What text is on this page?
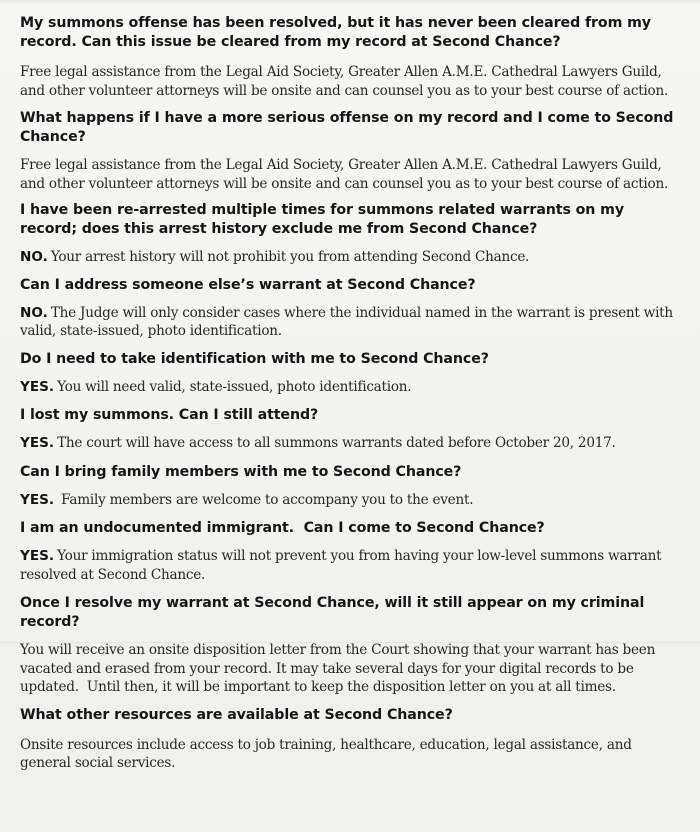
My summons offense has been resolved, but it has never been cleared from my record. Can this issue be cleared from my record at Second Chance?

Free legal assistance from the Legal Aid Society, Greater Allen A.M.E. Cathedral Lawyers Guild, and other volunteer attorneys will be onsite and can counsel you as to your best course of action.

What happens if I have a more serious offense on my record and I come to Second Chance?

Free legal assistance from the Legal Aid Society, Greater Allen A.M.E. Cathedral Lawyers Guild, and other volunteer attorneys will be onsite and can counsel you as to your best course of action.

I have been re-arrested multiple times for summons related warrants on my record; does this arrest history exclude me from Second Chance?

NO. Your arrest history will not prohibit you from attending Second Chance.

Can I address someone else’s warrant at Second Chance?

NO. The Judge will only consider cases where the individual named in the warrant is present with valid, state-issued, photo identification.

Do I need to take identification with me to Second Chance?

YES. You will need valid, state-issued, photo identification.

I lost my summons. Can I still attend?

YES. The court will have access to all summons warrants dated before October 20, 2017.

Can I bring family members with me to Second Chance?

YES. Family members are welcome to accompany you to the event.

I am an undocumented immigrant.  Can I come to Second Chance?

YES. Your immigration status will not prevent you from having your low-level summons warrant resolved at Second Chance.

Once I resolve my warrant at Second Chance, will it still appear on my criminal record?

You will receive an onsite disposition letter from the Court showing that your warrant has been vacated and erased from your record. It may take several days for your digital records to be updated.  Until then, it will be important to keep the disposition letter on you at all times.

What other resources are available at Second Chance?

Onsite resources include access to job training, healthcare, education, legal assistance, and general social services.
